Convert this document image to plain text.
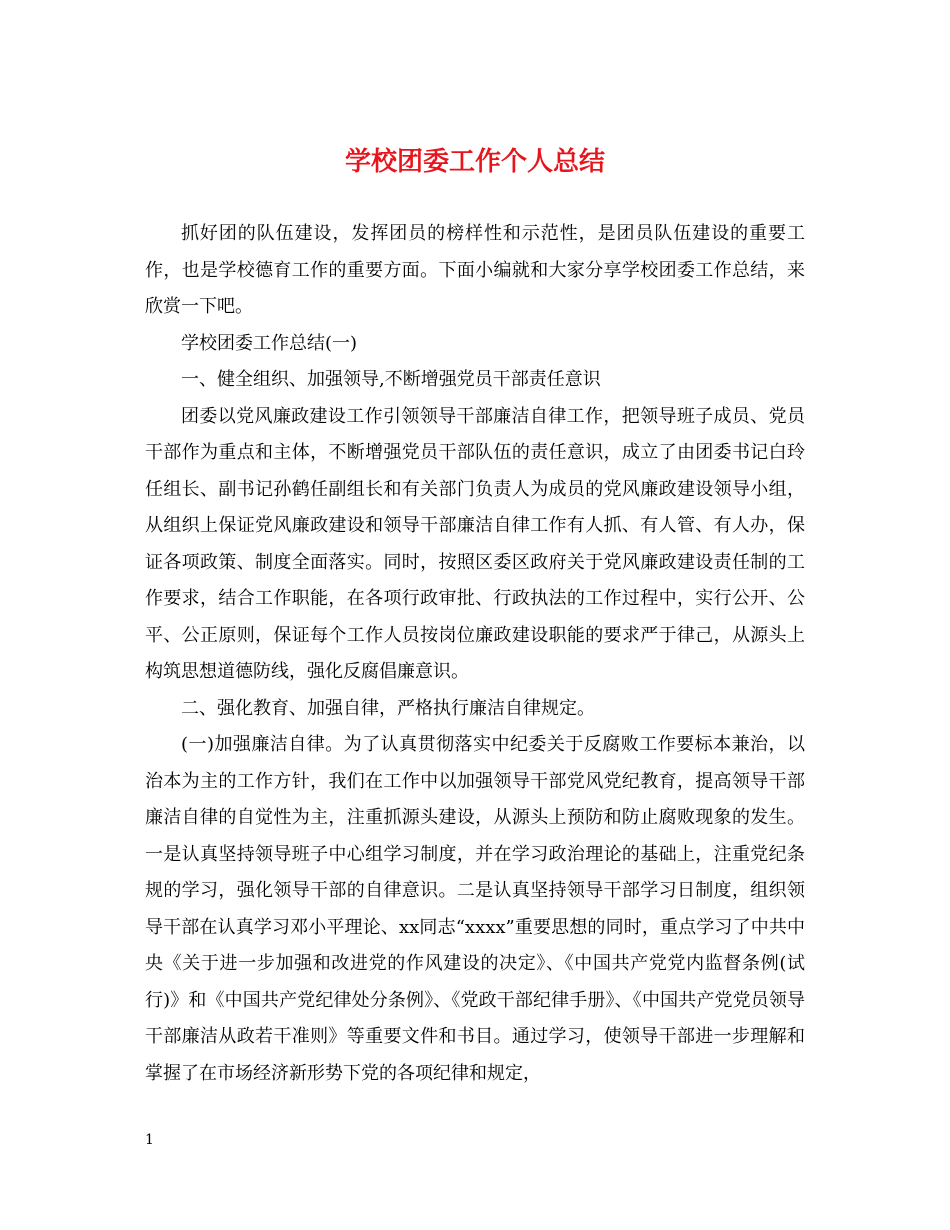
学校团委工作个人总结

抓好团的队伍建设，发挥团员的榜样性和示范性，是团员队伍建设的重要工作，也是学校德育工作的重要方面。下面小编就和大家分享学校团委工作总结，来欣赏一下吧。

学校团委工作总结(一)

一、健全组织、加强领导,不断增强党员干部责任意识

团委以党风廉政建设工作引领领导干部廉洁自律工作，把领导班子成员、党员干部作为重点和主体，不断增强党员干部队伍的责任意识，成立了由团委书记白玲任组长、副书记孙鹤任副组长和有关部门负责人为成员的党风廉政建设领导小组，从组织上保证党风廉政建设和领导干部廉洁自律工作有人抓、有人管、有人办，保证各项政策、制度全面落实。同时，按照区委区政府关于党风廉政建设责任制的工作要求，结合工作职能，在各项行政审批、行政执法的工作过程中，实行公开、公平、公正原则，保证每个工作人员按岗位廉政建设职能的要求严于律己，从源头上构筑思想道德防线，强化反腐倡廉意识。

二、强化教育、加强自律，严格执行廉洁自律规定。

(一)加强廉洁自律。为了认真贯彻落实中纪委关于反腐败工作要标本兼治，以治本为主的工作方针，我们在工作中以加强领导干部党风党纪教育，提高领导干部廉洁自律的自觉性为主，注重抓源头建设，从源头上预防和防止腐败现象的发生。一是认真坚持领导班子中心组学习制度，并在学习政治理论的基础上，注重党纪条规的学习，强化领导干部的自律意识。二是认真坚持领导干部学习日制度，组织领导干部在认真学习邓小平理论、xx同志“xxxx”重要思想的同时，重点学习了中共中央《关于进一步加强和改进党的作风建设的决定》、《中国共产党党内监督条例(试行)》和《中国共产党纪律处分条例》、《党政干部纪律手册》、《中国共产党党员领导干部廉洁从政若干准则》等重要文件和书目。通过学习，使领导干部进一步理解和掌握了在市场经济新形势下党的各项纪律和规定，

1
